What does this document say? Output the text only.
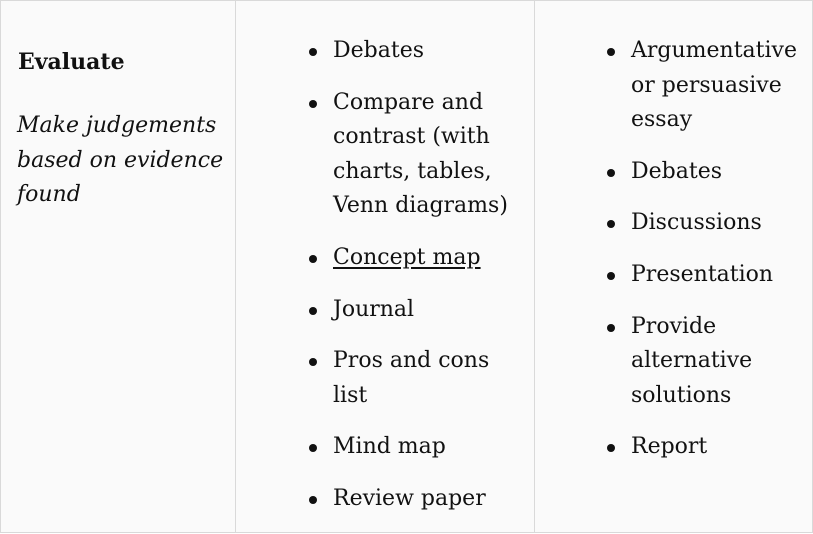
Evaluate

Make judgements based on evidence found

Debates
Compare and contrast (with charts, tables, Venn diagrams)
Concept map
Journal
Pros and cons list
Mind map
Review paper
Argumentative or persuasive essay
Debates
Discussions
Presentation
Provide alternative solutions
Report
